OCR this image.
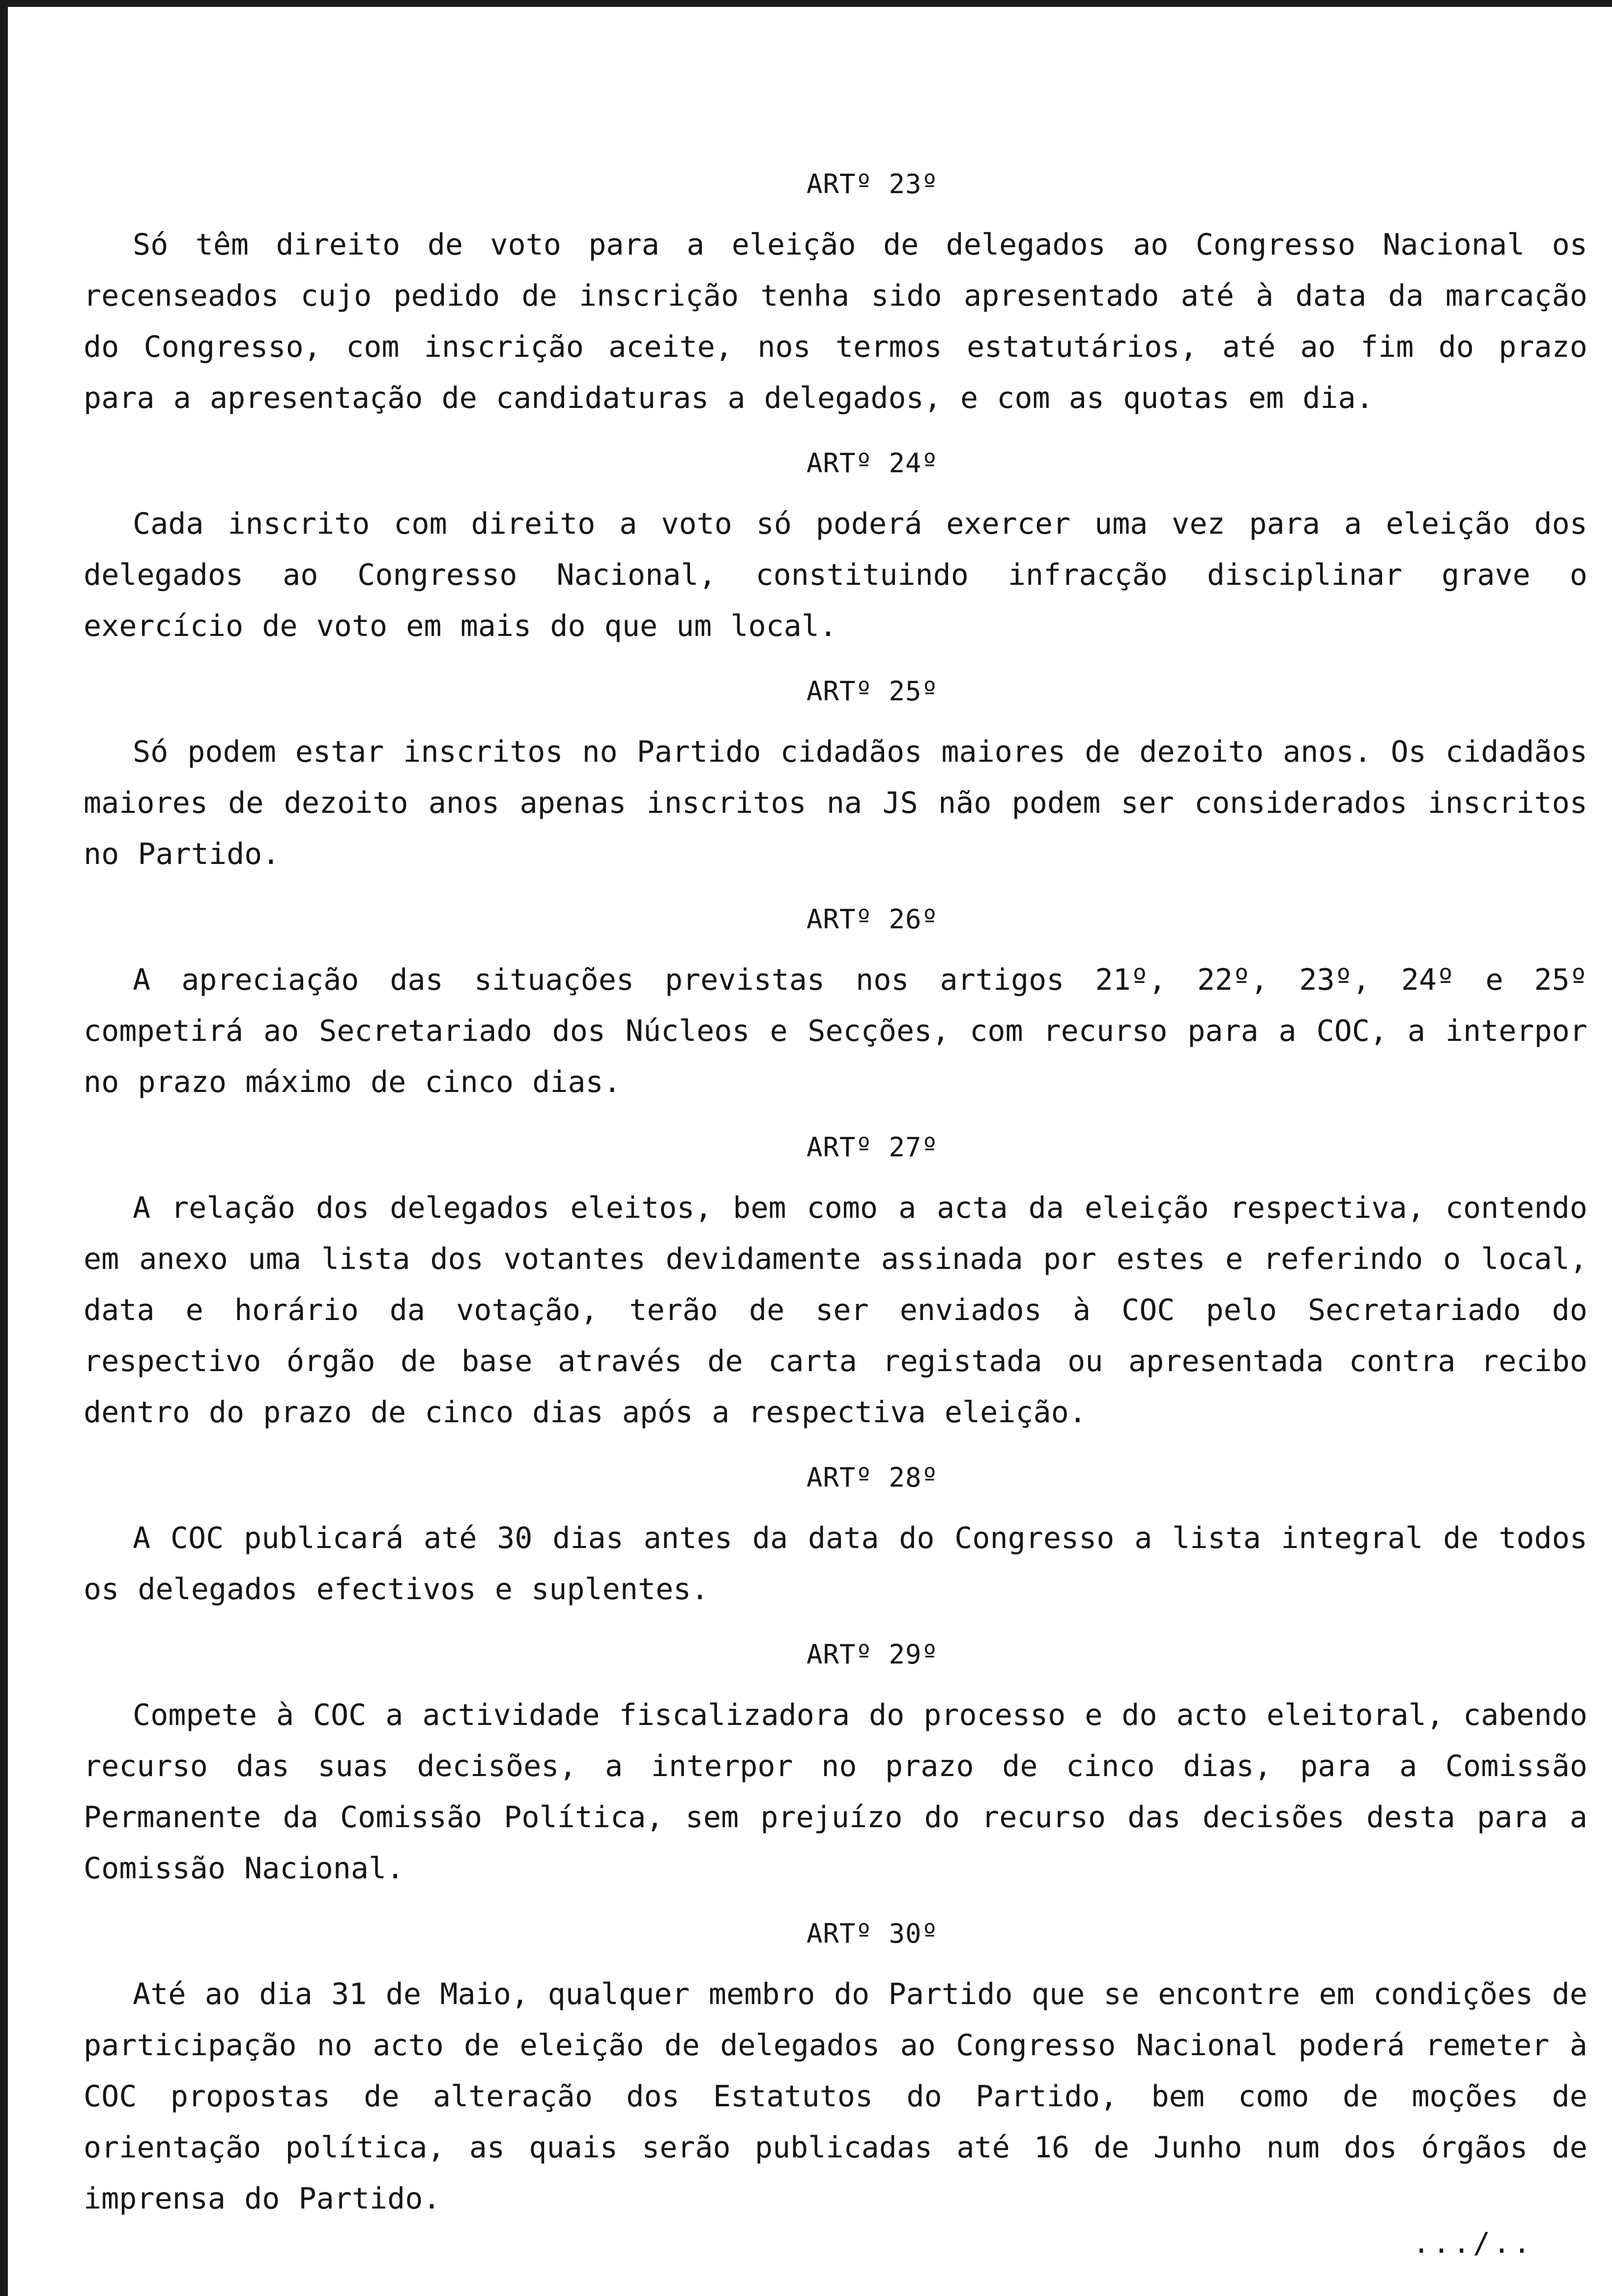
ARTº 23º

Só têm direito de voto para a eleição de delegados ao Congresso Nacional os recenseados cujo pedido de inscrição tenha sido apresentado até à data da marcação do Congresso, com inscrição aceite, nos termos estatutários, até ao fim do prazo para a apresentação de candidaturas a delegados, e com as quotas em dia.

ARTº 24º

Cada inscrito com direito a voto só poderá exercer uma vez para a eleição dos delegados ao Congresso Nacional, constituindo infracção disciplinar grave o exercício de voto em mais do que um local.

ARTº 25º

Só podem estar inscritos no Partido cidadãos maiores de dezoito anos. Os cidadãos maiores de dezoito anos apenas inscritos na JS não podem ser considerados inscritos no Partido.

ARTº 26º

A apreciação das situações previstas nos artigos 21º, 22º, 23º, 24º e 25º competirá ao Secretariado dos Núcleos e Secções, com recurso para a COC, a interpor no prazo máximo de cinco dias.

ARTº 27º

A relação dos delegados eleitos, bem como a acta da eleição respectiva, contendo em anexo uma lista dos votantes devidamente assinada por estes e referindo o local, data e horário da votação, terão de ser enviados à COC pelo Secretariado do respectivo órgão de base através de carta registada ou apresentada contra recibo dentro do prazo de cinco dias após a respectiva eleição.

ARTº 28º

A COC publicará até 30 dias antes da data do Congresso a lista integral de todos os delegados efectivos e suplentes.

ARTº 29º

Compete à COC a actividade fiscalizadora do processo e do acto eleitoral, cabendo recurso das suas decisões, a interpor no prazo de cinco dias, para a Comissão Permanente da Comissão Política, sem prejuízo do recurso das decisões desta para a Comissão Nacional.

ARTº 30º

Até ao dia 31 de Maio, qualquer membro do Partido que se encontre em condições de participação no acto de eleição de delegados ao Congresso Nacional poderá remeter à COC propostas de alteração dos Estatutos do Partido, bem como de moções de orientação política, as quais serão publicadas até 16 de Junho num dos órgãos de imprensa do Partido.

.../..
